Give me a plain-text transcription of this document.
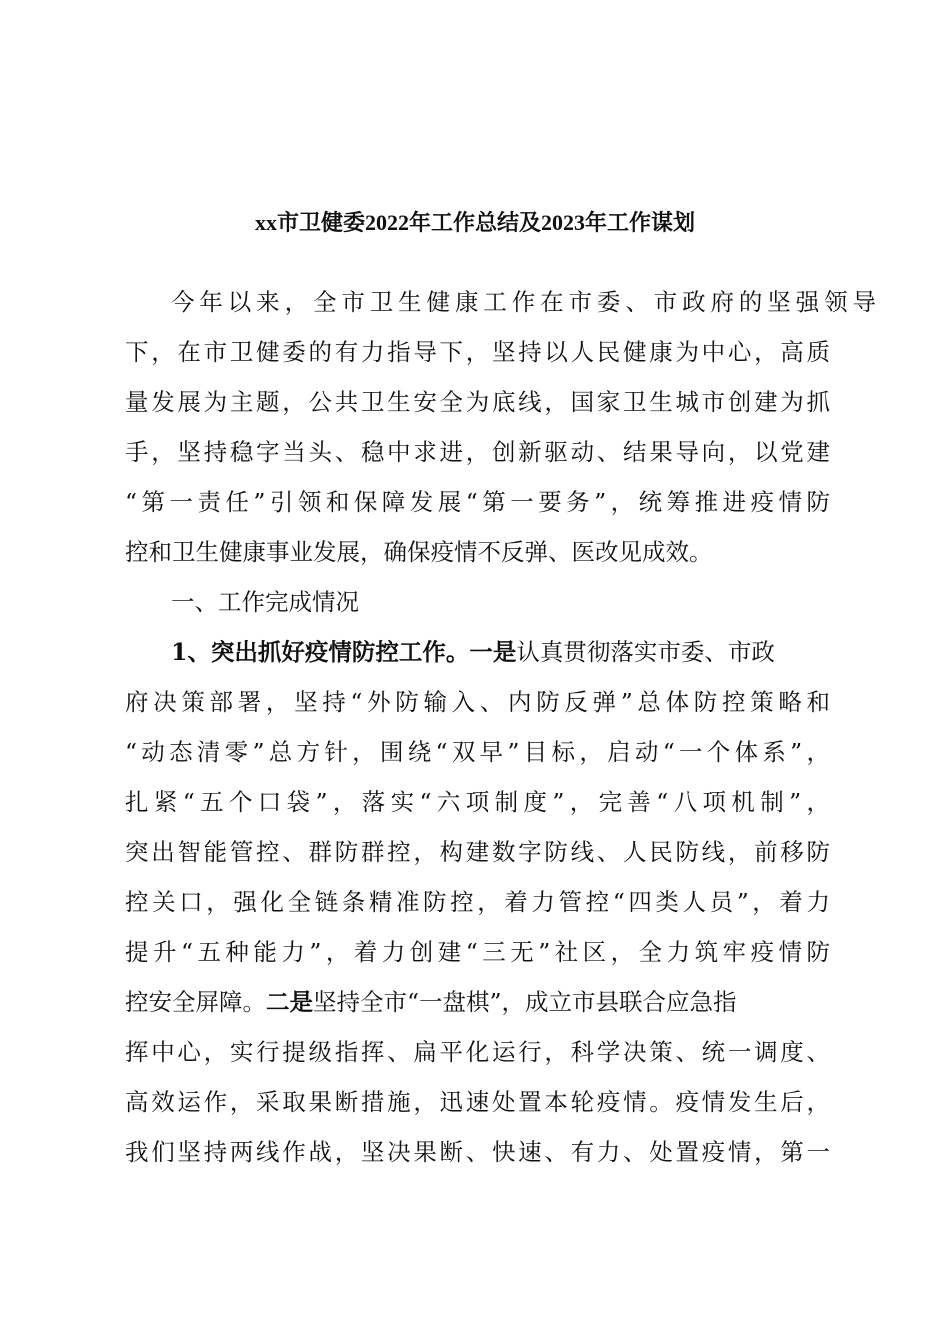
xx市卫健委2022年工作总结及2023年工作谋划
今年以来，全市卫生健康工作在市委、市政府的坚强领导
下，在市卫健委的有力指导下，坚持以人民健康为中心，高质
量发展为主题，公共卫生安全为底线，国家卫生城市创建为抓
手，坚持稳字当头、稳中求进，创新驱动、结果导向，以党建
“第一责任”引领和保障发展“第一要务”，统筹推进疫情防
控和卫生健康事业发展，确保疫情不反弹、医改见成效。
一、工作完成情况
1、突出抓好疫情防控工作。一是认真贯彻落实市委、市政
府决策部署，坚持“外防输入、内防反弹”总体防控策略和
“动态清零”总方针，围绕“双早”目标，启动“一个体系”，
扎紧“五个口袋”，落实“六项制度”，完善“八项机制”，
突出智能管控、群防群控，构建数字防线、人民防线，前移防
控关口，强化全链条精准防控，着力管控“四类人员”，着力
提升“五种能力”，着力创建“三无”社区，全力筑牢疫情防
控安全屏障。二是坚持全市“一盘棋”，成立市县联合应急指
挥中心，实行提级指挥、扁平化运行，科学决策、统一调度、
高效运作，采取果断措施，迅速处置本轮疫情。疫情发生后，
我们坚持两线作战，坚决果断、快速、有力、处置疫情，第一
